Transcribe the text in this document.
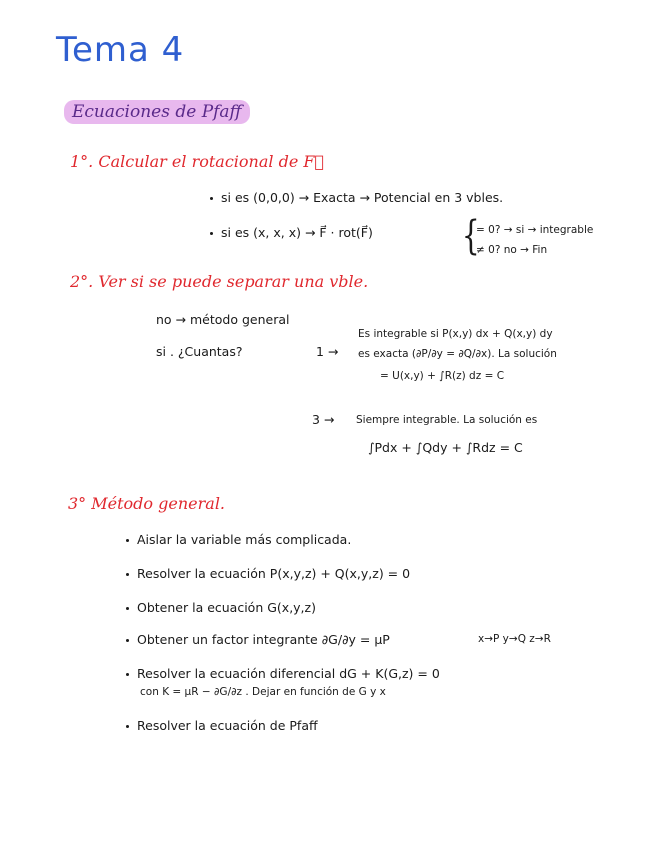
Tema 4
Ecuaciones de Pfaff
1°. Calcular el rotacional de F⃗
si es (0,0,0) → Exacta → Potencial en 3 vbles.
si es (x, x, x) → F⃗ · rot(F⃗) {
= 0? → si → integrable
≠ 0? no → Fin
2°. Ver si se puede separar una vble.
no → método general
si . ¿Cuantas?	1 →
Es integrable si P(x,y) dx + Q(x,y) dy
es exacta (∂P/∂y = ∂Q/∂x). La solución
= U(x,y) + ∫R(z) dz = C
3 → Siempre integrable. La solución es
∫Pdx + ∫Qdy + ∫Rdz = C
3° Método general.
Aislar la variable más complicada.
Resolver la ecuación P(x,y,z) + Q(x,y,z) = 0
Obtener la ecuación G(x,y,z)
Obtener un factor integrante ∂G/∂y = μP	x→P y→Q z→R
Resolver la ecuación diferencial dG + K(G,z) = 0
con K = μR − ∂G/∂z . Dejar en función de G y x
Resolver la ecuación de Pfaff
